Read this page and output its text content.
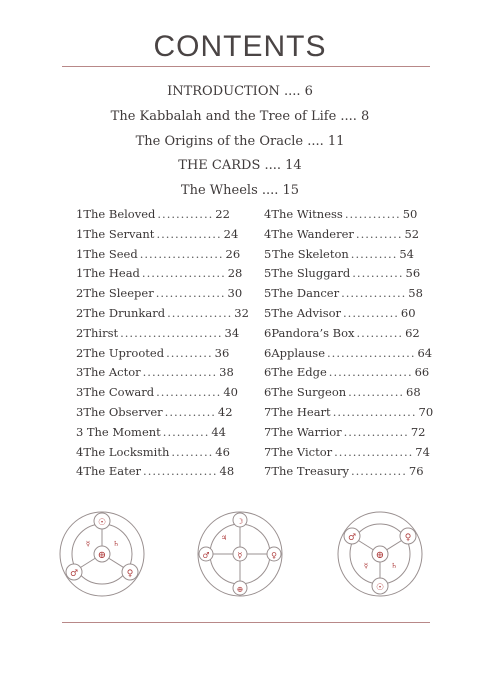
CONTENTS
INTRODUCTION .... 6
The Kabbalah and the Tree of Life .... 8
The Origins of the Oracle .... 11
THE CARDS .... 14
The Wheels .... 15
1 The Beloved ............ 22
1 The Servant .............. 24
1 The Seed .................. 26
1 The Head .................. 28
2 The Sleeper ............... 30
2 The Drunkard .............. 32
2 Thirst ...................... 34
2 The Uprooted .......... 36
3 The Actor ................ 38
3 The Coward .............. 40
3 The Observer ........... 42
3 The Moment .......... 44
4 The Locksmith ......... 46
4 The Eater ................ 48
4 The Witness ............ 50
4 The Wanderer .......... 52
5 The Skeleton .......... 54
5 The Sluggard ........... 56
5 The Dancer .............. 58
5 The Advisor ............ 60
6 Pandora’s Box .......... 62
6 Applause ................... 64
6 The Edge .................. 66
6 The Surgeon ............ 68
7 The Heart .................. 70
7 The Warrior .............. 72
7 The Victor ................. 74
7 The Treasury ............ 76
☉
⊕
♂	♀
☿	♄
☽
⊕
♂	♀
☿
♃
☉
⊕
♂	♀
☿	♄
